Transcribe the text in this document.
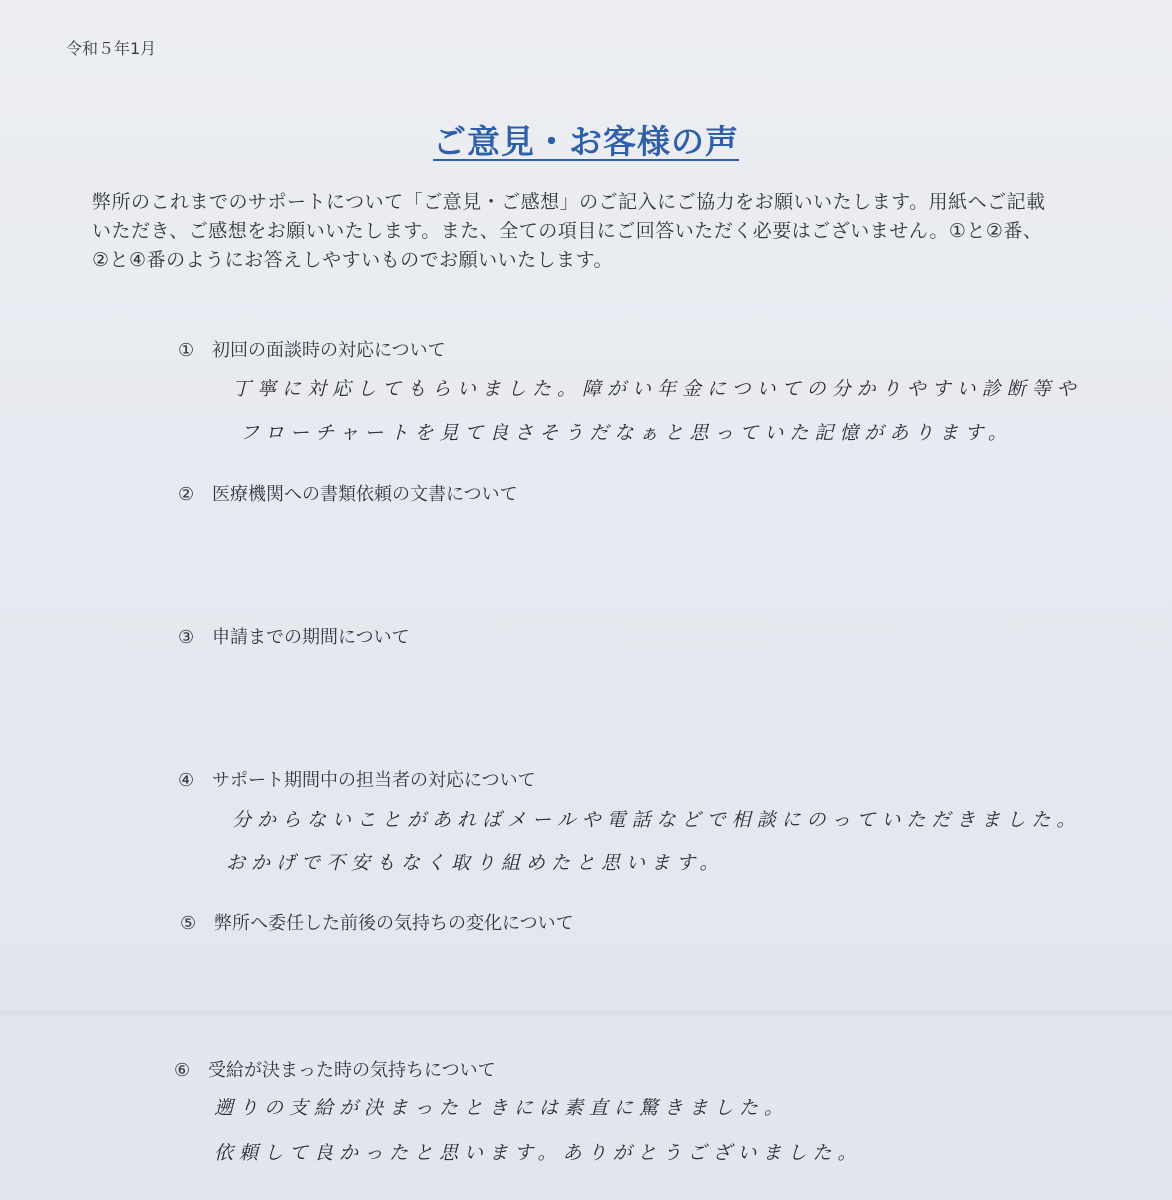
令和５年1月
ご意見・お客様の声
弊所のこれまでのサポートについて「ご意見・ご感想」のご記入にご協力をお願いいたします。用紙へご記載いただき、ご感想をお願いいたします。また、全ての項目にご回答いただく必要はございません。①と②番、②と④番のようにお答えしやすいものでお願いいたします。
① 初回の面談時の対応について
丁寧に対応してもらいました。障がい年金についての分かりやすい診断等や
フローチャートを見て良さそうだなぁと思っていた記憶があります。
② 医療機関への書類依頼の文書について
③ 申請までの期間について
④ サポート期間中の担当者の対応について
分からないことがあればメールや電話などで相談にのっていただきました。
おかげで不安もなく取り組めたと思います。
⑤ 弊所へ委任した前後の気持ちの変化について
⑥ 受給が決まった時の気持ちについて
遡りの支給が決まったときには素直に驚きました。
依頼して良かったと思います。ありがとうございました。
